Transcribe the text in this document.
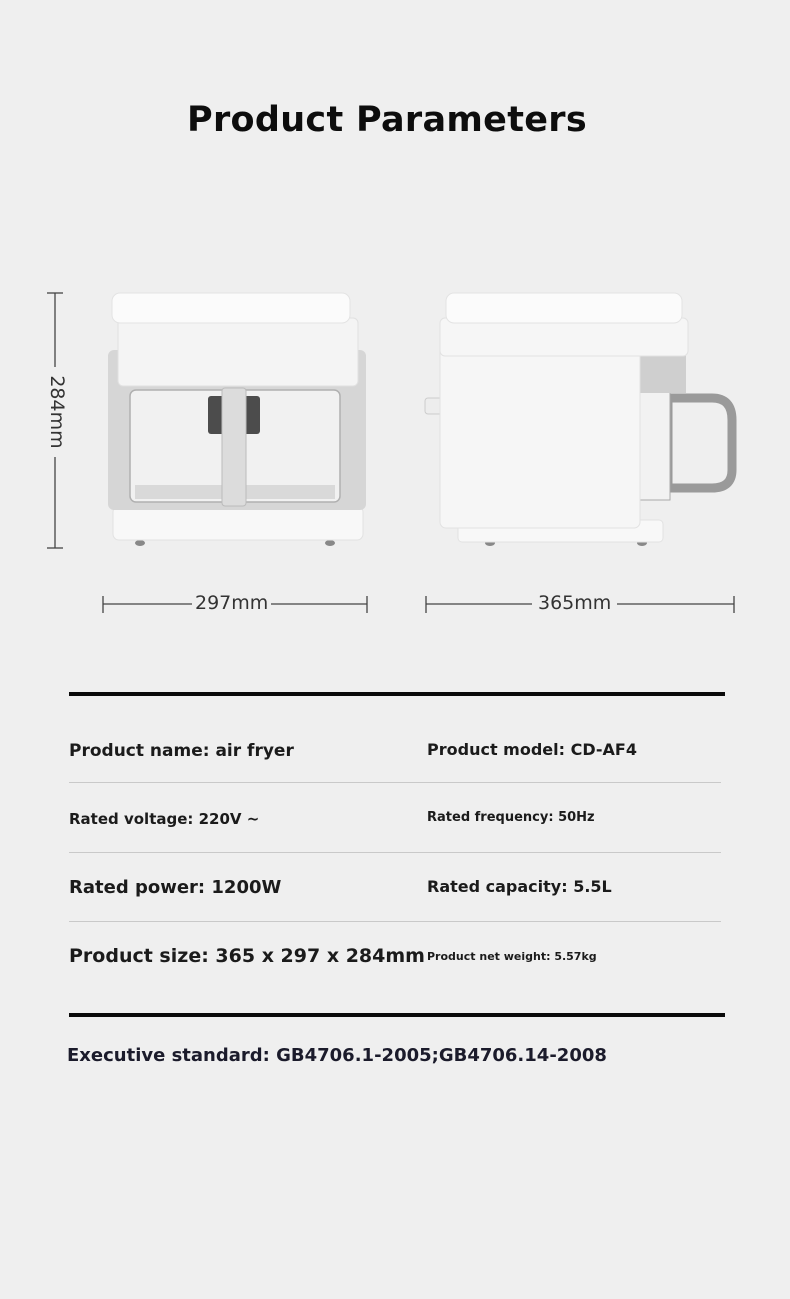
Product Parameters
284mm
297mm	365mm
Product name: air fryer	Product model: CD-AF4
Rated voltage: 220V ~	Rated frequency: 50Hz
Rated power: 1200W	Rated capacity: 5.5L
Product size: 365 x 297 x 284mm Product net weight: 5.57kg
Executive standard: GB4706.1-2005;GB4706.14-2008
